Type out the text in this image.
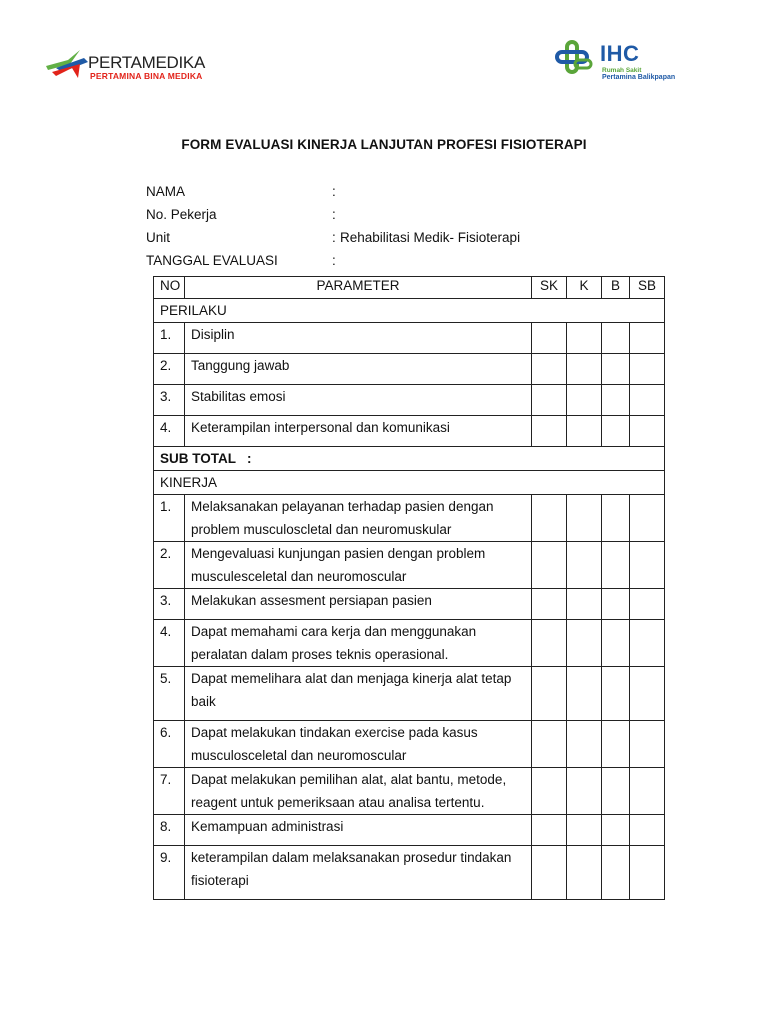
PERTAMEDIKA
PERTAMINA BINA MEDIKA
IHC
Rumah Sakit
Pertamina Balikpapan
FORM EVALUASI KINERJA LANJUTAN PROFESI FISIOTERAPI
NAMA	:
No. Pekerja	:
Unit	: Rehabilitasi Medik- Fisioterapi
TANGGAL EVALUASI	:
NO	PARAMETER	SK	K	B	SB
PERILAKU					
1.	Disiplin				
2.	Tanggung jawab				
3.	Stabilitas emosi				
4.	Keterampilan interpersonal dan komunikasi				
SUB TOTAL   :					
KINERJA					
1.	Melaksanakan pelayanan terhadap pasien dengan problem musculoscletal dan neuromuskular				
2.	Mengevaluasi kunjungan pasien dengan problem musculesceletal dan neuromoscular				
3.	Melakukan assesment persiapan pasien				
4.	Dapat memahami cara kerja dan menggunakan peralatan dalam proses teknis operasional.				
5.	Dapat memelihara alat dan menjaga kinerja alat tetap baik				
6.	Dapat melakukan tindakan exercise pada kasus musculosceletal dan neuromoscular				
7.	Dapat melakukan pemilihan alat, alat bantu, metode, reagent untuk pemeriksaan atau analisa tertentu.				
8.	Kemampuan administrasi				
9.	keterampilan dalam melaksanakan prosedur tindakan fisioterapi				
